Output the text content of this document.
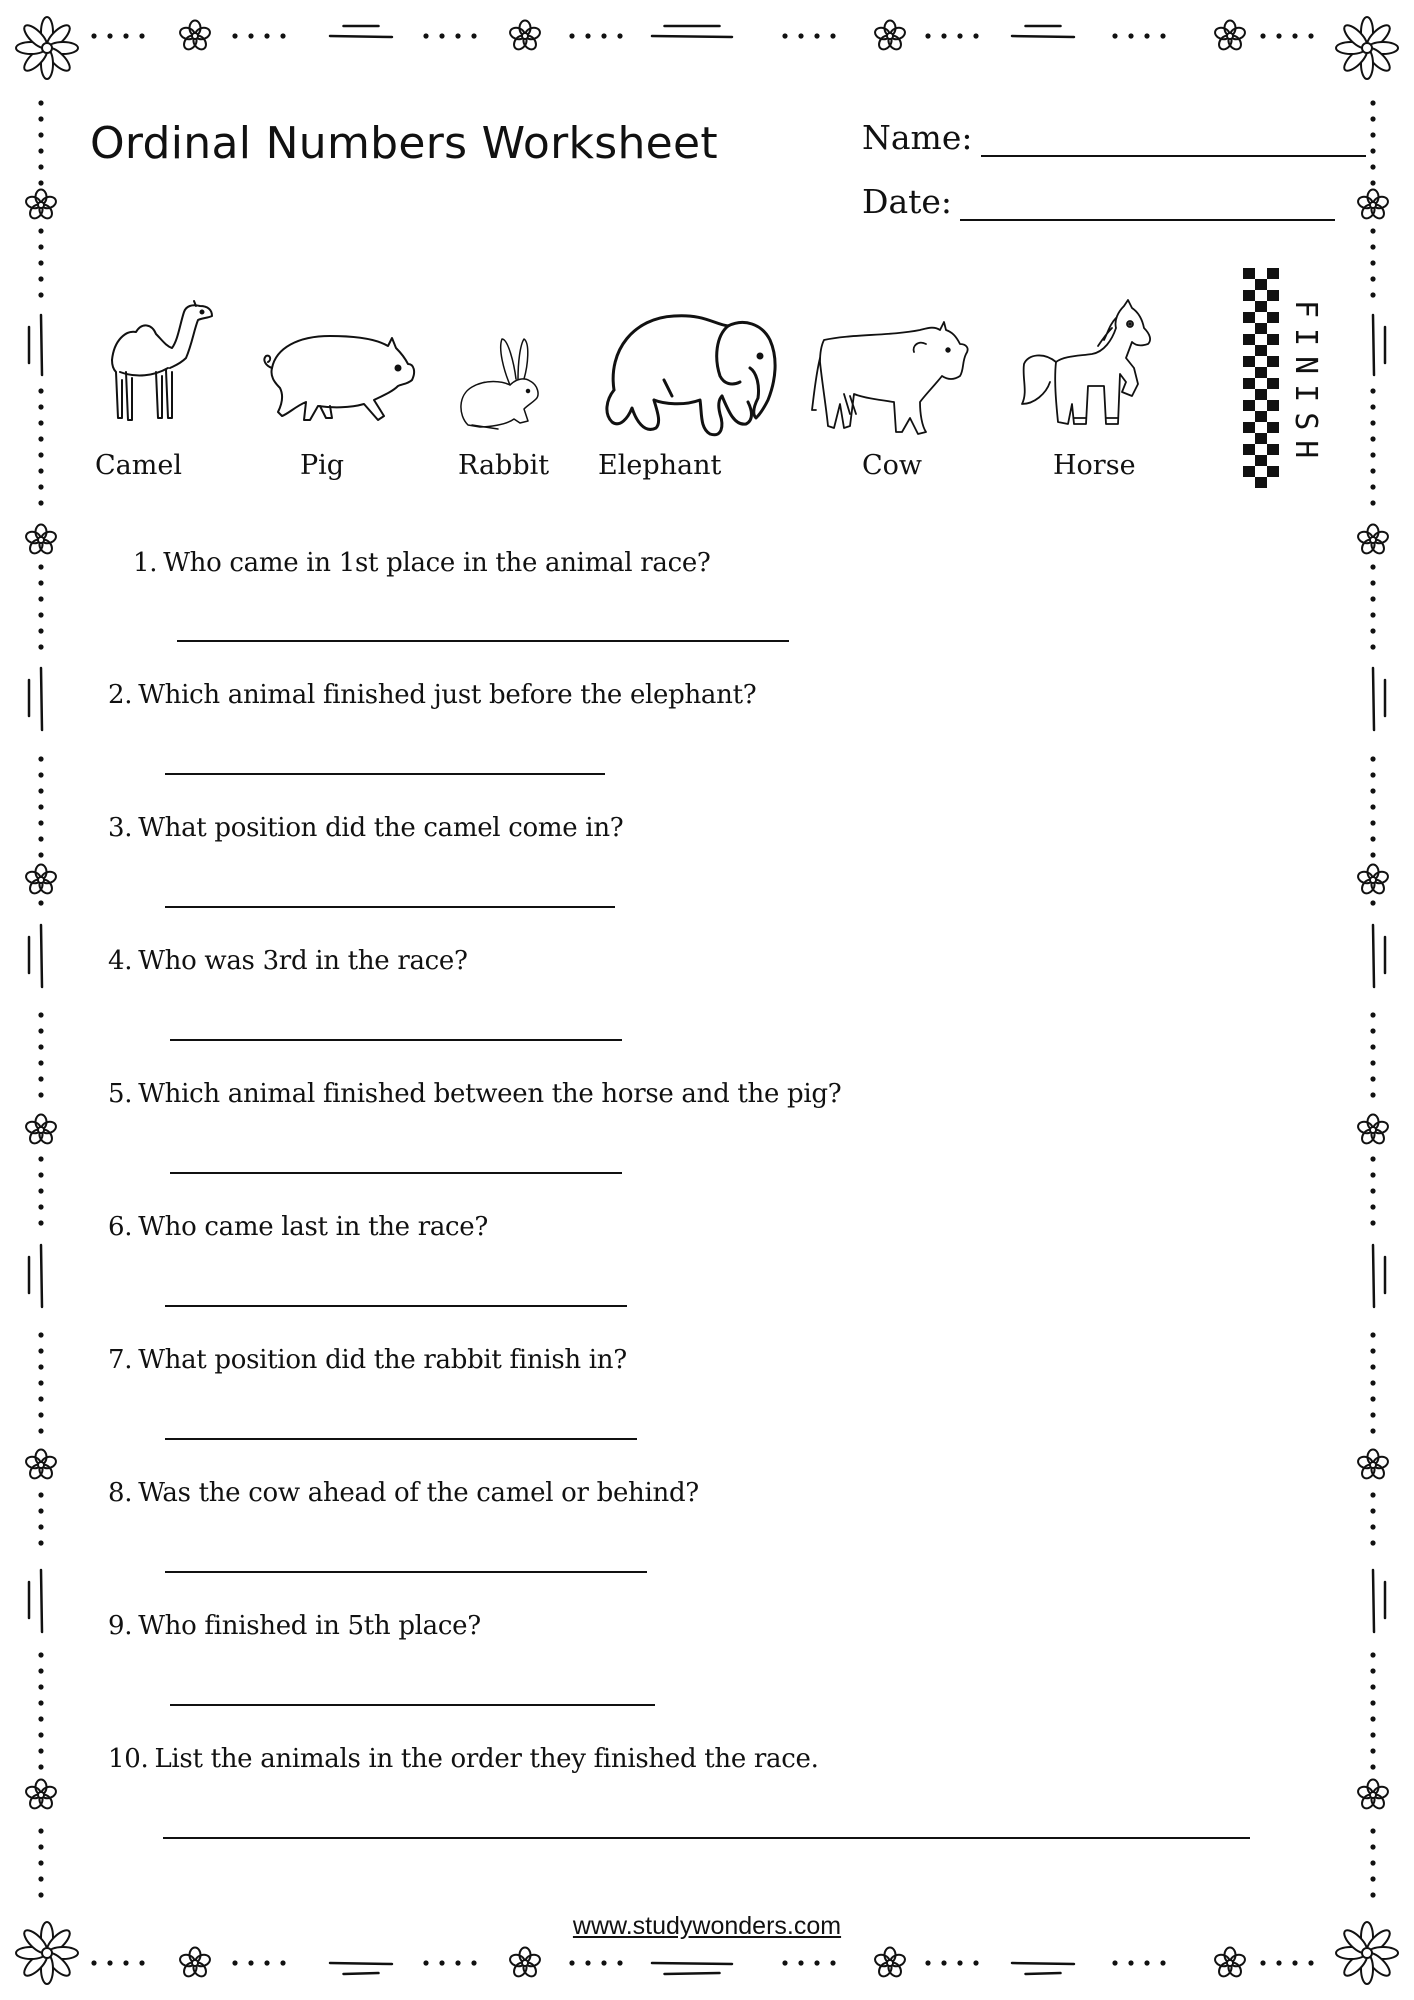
Ordinal Numbers Worksheet	Name:
Date:
Camel	Pig	Rabbit Elephant	Cow	Horse	FINISH
1. Who came in 1st place in the animal race?
2. Which animal finished just before the elephant?
3. What position did the camel come in?
4. Who was 3rd in the race?
5. Which animal finished between the horse and the pig?
6. Who came last in the race?
7. What position did the rabbit finish in?
8. Was the cow ahead of the camel or behind?
9. Who finished in 5th place?
10. List the animals in the order they finished the race.
www.studywonders.com
